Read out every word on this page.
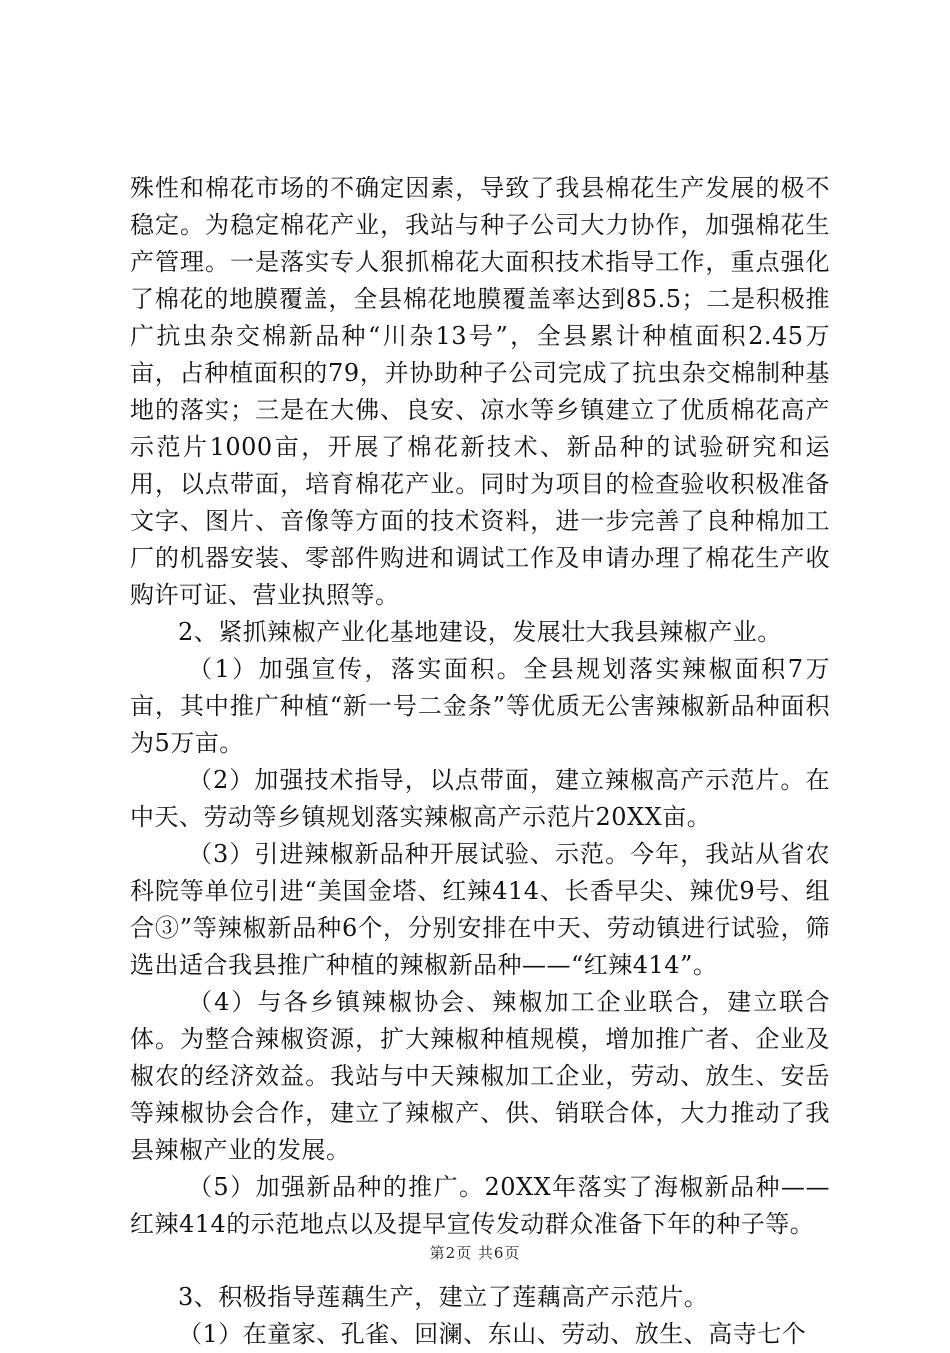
殊性和棉花市场的不确定因素，导致了我县棉花生产发展的极不稳定。为稳定棉花产业，我站与种子公司大力协作，加强棉花生产管理。一是落实专人狠抓棉花大面积技术指导工作，重点强化了棉花的地膜覆盖，全县棉花地膜覆盖率达到85.5；二是积极推广抗虫杂交棉新品种“川杂13号”，全县累计种植面积2.45万亩，占种植面积的79，并协助种子公司完成了抗虫杂交棉制种基地的落实；三是在大佛、良安、凉水等乡镇建立了优质棉花高产示范片1000亩，开展了棉花新技术、新品种的试验研究和运用，以点带面，培育棉花产业。同时为项目的检查验收积极准备文字、图片、音像等方面的技术资料，进一步完善了良种棉加工厂的机器安装、零部件购进和调试工作及申请办理了棉花生产收购许可证、营业执照等。

2、紧抓辣椒产业化基地建设，发展壮大我县辣椒产业。

（1）加强宣传，落实面积。全县规划落实辣椒面积7万亩，其中推广种植“新一号二金条”等优质无公害辣椒新品种面积为5万亩。

（2）加强技术指导，以点带面，建立辣椒高产示范片。在中天、劳动等乡镇规划落实辣椒高产示范片20XX亩。

（3）引进辣椒新品种开展试验、示范。今年，我站从省农科院等单位引进“美国金塔、红辣414、长香早尖、辣优9号、组合③”等辣椒新品种6个，分别安排在中天、劳动镇进行试验，筛选出适合我县推广种植的辣椒新品种——“红辣414”。

（4）与各乡镇辣椒协会、辣椒加工企业联合，建立联合体。为整合辣椒资源，扩大辣椒种植规模，增加推广者、企业及椒农的经济效益。我站与中天辣椒加工企业，劳动、放生、安岳等辣椒协会合作，建立了辣椒产、供、销联合体，大力推动了我县辣椒产业的发展。

（5）加强新品种的推广。20XX年落实了海椒新品种——红辣414的示范地点以及提早宣传发动群众准备下年的种子等。

3、积极指导莲藕生产，建立了莲藕高产示范片。

（1）在童家、孔雀、回澜、东山、劳动、放生、高寺七个

第2页 共6页
